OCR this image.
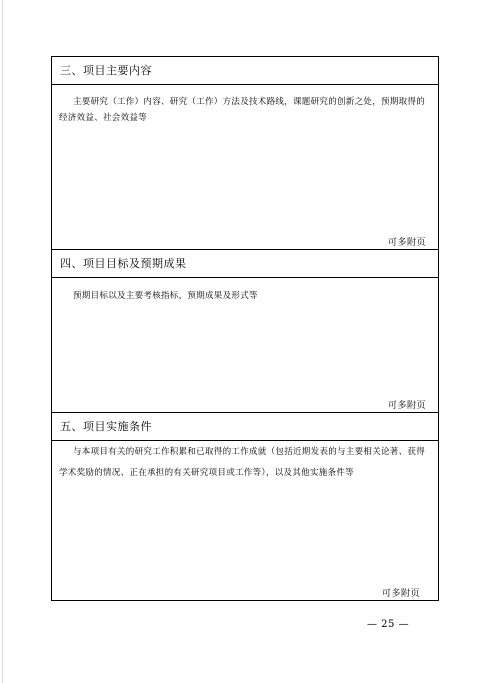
三、项目主要内容
主要研究（工作）内容、研究（工作）方法及技术路线，课题研究的创新之处，预期取得的经济效益、社会效益等
可多附页
四、项目目标及预期成果
预期目标以及主要考核指标，预期成果及形式等
可多附页
五、项目实施条件
与本项目有关的研究工作积累和已取得的工作成就（包括近期发表的与主要相关论著、获得学术奖励的情况、正在承担的有关研究项目或工作等），以及其他实施条件等
可多附页
— 25 —
